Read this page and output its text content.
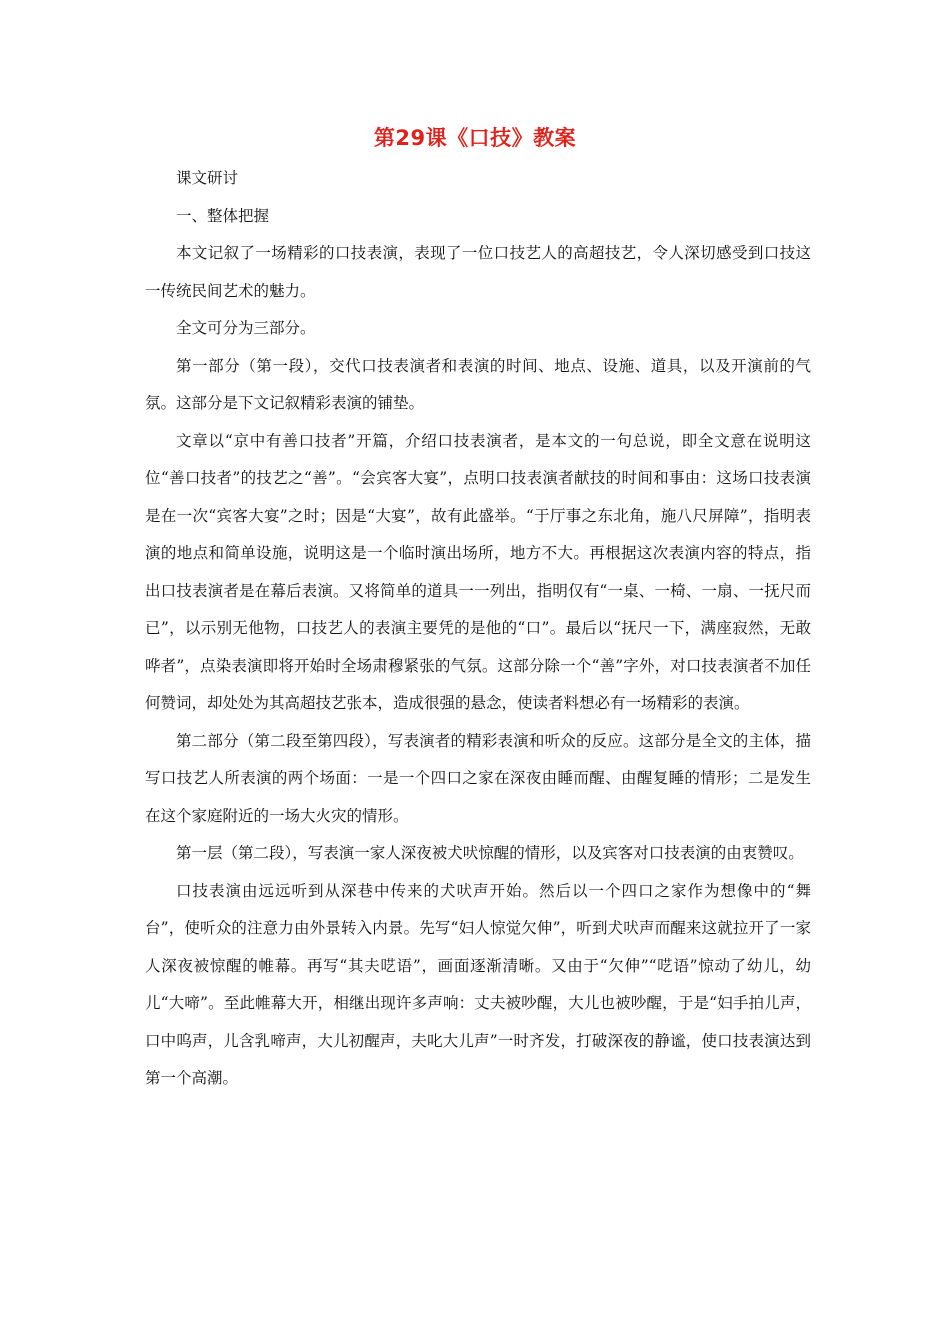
第29课《口技》教案

课文研讨

一、整体把握

本文记叙了一场精彩的口技表演，表现了一位口技艺人的高超技艺，令人深切感受到口技这一传统民间艺术的魅力。

全文可分为三部分。

第一部分（第一段），交代口技表演者和表演的时间、地点、设施、道具，以及开演前的气氛。这部分是下文记叙精彩表演的铺垫。

文章以“京中有善口技者”开篇，介绍口技表演者，是本文的一句总说，即全文意在说明这位“善口技者”的技艺之“善”。“会宾客大宴”，点明口技表演者献技的时间和事由：这场口技表演是在一次“宾客大宴”之时；因是“大宴”，故有此盛举。“于厅事之东北角，施八尺屏障”，指明表演的地点和简单设施，说明这是一个临时演出场所，地方不大。再根据这次表演内容的特点，指出口技表演者是在幕后表演。又将简单的道具一一列出，指明仅有“一桌、一椅、一扇、一抚尺而已”，以示别无他物，口技艺人的表演主要凭的是他的“口”。最后以“抚尺一下，满座寂然，无敢哗者”，点染表演即将开始时全场肃穆紧张的气氛。这部分除一个“善”字外，对口技表演者不加任何赞词，却处处为其高超技艺张本，造成很强的悬念，使读者料想必有一场精彩的表演。

第二部分（第二段至第四段），写表演者的精彩表演和听众的反应。这部分是全文的主体，描写口技艺人所表演的两个场面：一是一个四口之家在深夜由睡而醒、由醒复睡的情形；二是发生在这个家庭附近的一场大火灾的情形。

第一层（第二段），写表演一家人深夜被犬吠惊醒的情形，以及宾客对口技表演的由衷赞叹。

口技表演由远远听到从深巷中传来的犬吠声开始。然后以一个四口之家作为想像中的“舞台”，使听众的注意力由外景转入内景。先写“妇人惊觉欠伸”，听到犬吠声而醒来这就拉开了一家人深夜被惊醒的帷幕。再写“其夫呓语”，画面逐渐清晰。又由于“欠伸”“呓语”惊动了幼儿，幼儿“大啼”。至此帷幕大开，相继出现许多声响：丈夫被吵醒，大儿也被吵醒，于是“妇手拍儿声，口中呜声，儿含乳啼声，大儿初醒声，夫叱大儿声”一时齐发，打破深夜的静谧，使口技表演达到第一个高潮。
